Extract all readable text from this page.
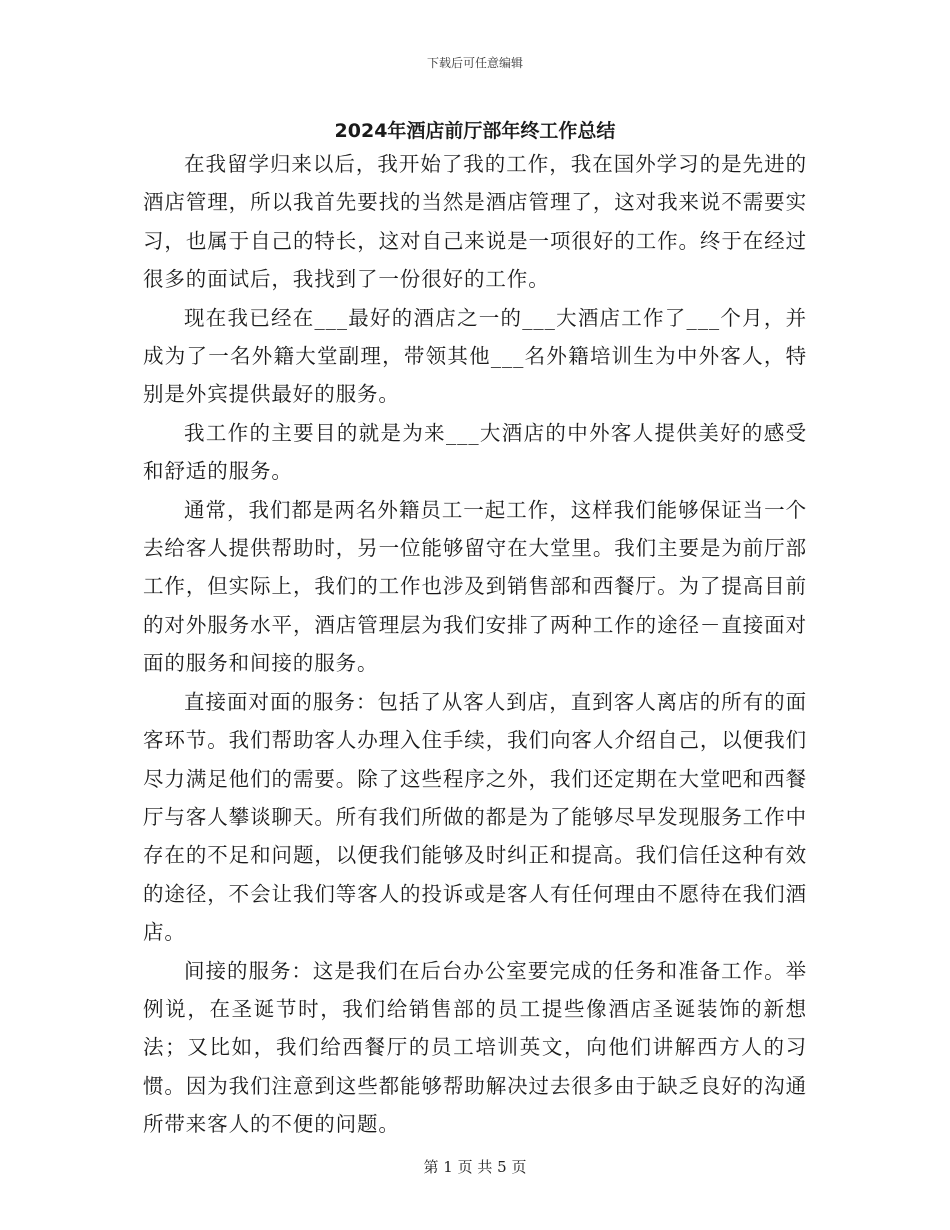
下载后可任意编辑
2024年酒店前厅部年终工作总结

在我留学归来以后，我开始了我的工作，我在国外学习的是先进的酒店管理，所以我首先要找的当然是酒店管理了，这对我来说不需要实习，也属于自己的特长，这对自己来说是一项很好的工作。终于在经过很多的面试后，我找到了一份很好的工作。

现在我已经在___最好的酒店之一的___大酒店工作了___个月，并成为了一名外籍大堂副理，带领其他___名外籍培训生为中外客人，特别是外宾提供最好的服务。

我工作的主要目的就是为来___大酒店的中外客人提供美好的感受和舒适的服务。

通常，我们都是两名外籍员工一起工作，这样我们能够保证当一个去给客人提供帮助时，另一位能够留守在大堂里。我们主要是为前厅部工作，但实际上，我们的工作也涉及到销售部和西餐厅。为了提高目前的对外服务水平，酒店管理层为我们安排了两种工作的途径－直接面对面的服务和间接的服务。

直接面对面的服务：包括了从客人到店，直到客人离店的所有的面客环节。我们帮助客人办理入住手续，我们向客人介绍自己，以便我们尽力满足他们的需要。除了这些程序之外，我们还定期在大堂吧和西餐厅与客人攀谈聊天。所有我们所做的都是为了能够尽早发现服务工作中存在的不足和问题，以便我们能够及时纠正和提高。我们信任这种有效的途径，不会让我们等客人的投诉或是客人有任何理由不愿待在我们酒店。

间接的服务：这是我们在后台办公室要完成的任务和准备工作。举例说，在圣诞节时，我们给销售部的员工提些像酒店圣诞装饰的新想法；又比如，我们给西餐厅的员工培训英文，向他们讲解西方人的习惯。因为我们注意到这些都能够帮助解决过去很多由于缺乏良好的沟通所带来客人的不便的问题。

第 1 页 共 5 页
